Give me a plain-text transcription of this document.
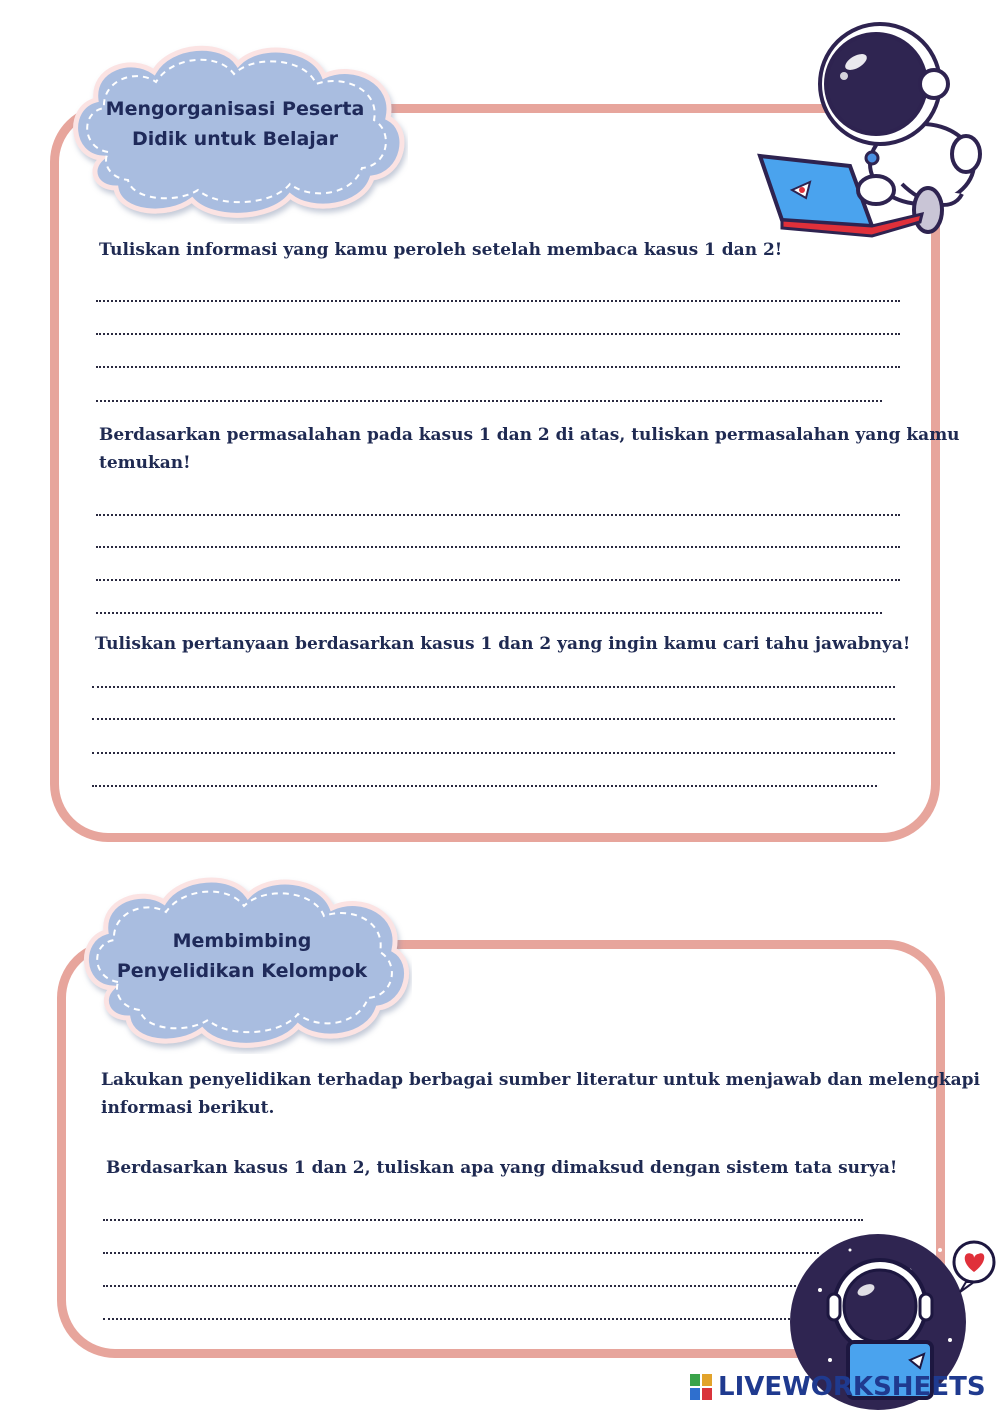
Mengorganisasi Peserta
Didik untuk Belajar

Tuliskan informasi yang kamu peroleh setelah membaca kasus 1 dan 2!

Berdasarkan permasalahan pada kasus 1 dan 2 di atas, tuliskan permasalahan yang kamu
temukan!

Tuliskan pertanyaan berdasarkan kasus 1 dan 2 yang ingin kamu cari tahu jawabnya!

Membimbing
Penyelidikan Kelompok

Lakukan penyelidikan terhadap berbagai sumber literatur untuk menjawab dan melengkapi
informasi berikut.

Berdasarkan kasus 1 dan 2, tuliskan apa yang dimaksud dengan sistem tata surya!

LIVEWORKSHEETS
